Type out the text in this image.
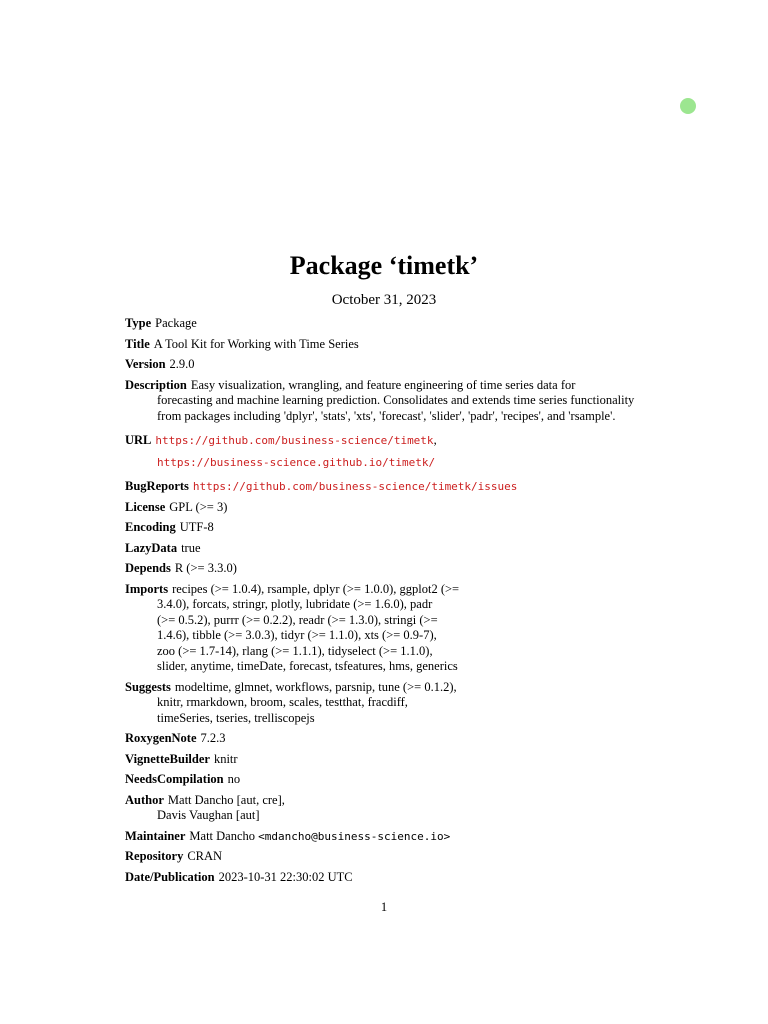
Package ‘timetk’
October 31, 2023
Type Package
Title A Tool Kit for Working with Time Series
Version 2.9.0
Description Easy visualization, wrangling, and feature engineering of time series data for
forecasting and machine learning prediction. Consolidates and extends time series functionality
from packages including 'dplyr', 'stats', 'xts', 'forecast', 'slider', 'padr', 'recipes', and 'rsample'.
URL https://github.com/business-science/timetk,
https://business-science.github.io/timetk/
BugReports https://github.com/business-science/timetk/issues
License GPL (>= 3)
Encoding UTF-8
LazyData true
Depends R (>= 3.3.0)
Imports recipes (>= 1.0.4), rsample, dplyr (>= 1.0.0), ggplot2 (>=
3.4.0), forcats, stringr, plotly, lubridate (>= 1.6.0), padr
(>= 0.5.2), purrr (>= 0.2.2), readr (>= 1.3.0), stringi (>=
1.4.6), tibble (>= 3.0.3), tidyr (>= 1.1.0), xts (>= 0.9-7),
zoo (>= 1.7-14), rlang (>= 1.1.1), tidyselect (>= 1.1.0),
slider, anytime, timeDate, forecast, tsfeatures, hms, generics
Suggests modeltime, glmnet, workflows, parsnip, tune (>= 0.1.2),
knitr, rmarkdown, broom, scales, testthat, fracdiff,
timeSeries, tseries, trelliscopejs
RoxygenNote 7.2.3
VignetteBuilder knitr
NeedsCompilation no
Author Matt Dancho [aut, cre],
Davis Vaughan [aut]
Maintainer Matt Dancho <mdancho@business-science.io>
Repository CRAN
Date/Publication 2023-10-31 22:30:02 UTC
1
